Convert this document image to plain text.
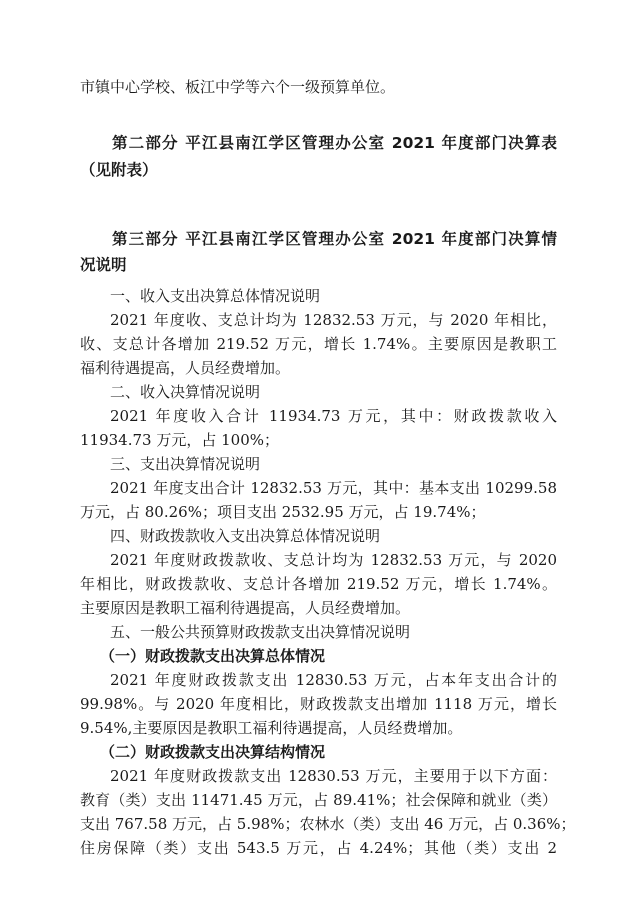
市镇中心学校、板江中学等六个一级预算单位。
第二部分 平江县南江学区管理办公室 2021 年度部门决算表
（见附表）
第三部分 平江县南江学区管理办公室 2021 年度部门决算情
况说明
一、收入支出决算总体情况说明
2021 年度收、支总计均为 12832.53 万元，与 2020 年相比，
收、支总计各增加 219.52 万元，增长 1.74%。主要原因是教职工
福利待遇提高，人员经费增加。
二、收入决算情况说明
2021 年度收入合计 11934.73 万元，其中：财政拨款收入
11934.73 万元，占 100%；
三、支出决算情况说明
2021 年度支出合计 12832.53 万元，其中：基本支出 10299.58
万元，占 80.26%；项目支出 2532.95 万元，占 19.74%；
四、财政拨款收入支出决算总体情况说明
2021 年度财政拨款收、支总计均为 12832.53 万元，与 2020
年相比，财政拨款收、支总计各增加 219.52 万元，增长 1.74%。
主要原因是教职工福利待遇提高，人员经费增加。
五、一般公共预算财政拨款支出决算情况说明
（一）财政拨款支出决算总体情况
2021 年度财政拨款支出 12830.53 万元，占本年支出合计的
99.98%。与 2020 年度相比，财政拨款支出增加 1118 万元，增长
9.54%,主要原因是教职工福利待遇提高，人员经费增加。
（二）财政拨款支出决算结构情况
2021 年度财政拨款支出 12830.53 万元，主要用于以下方面：
教育（类）支出 11471.45 万元，占 89.41%；社会保障和就业（类）
支出 767.58 万元，占 5.98%；农林水（类）支出 46 万元，占 0.36%；
住房保障（类）支出 543.5 万元，占 4.24%；其他（类）支出 2
